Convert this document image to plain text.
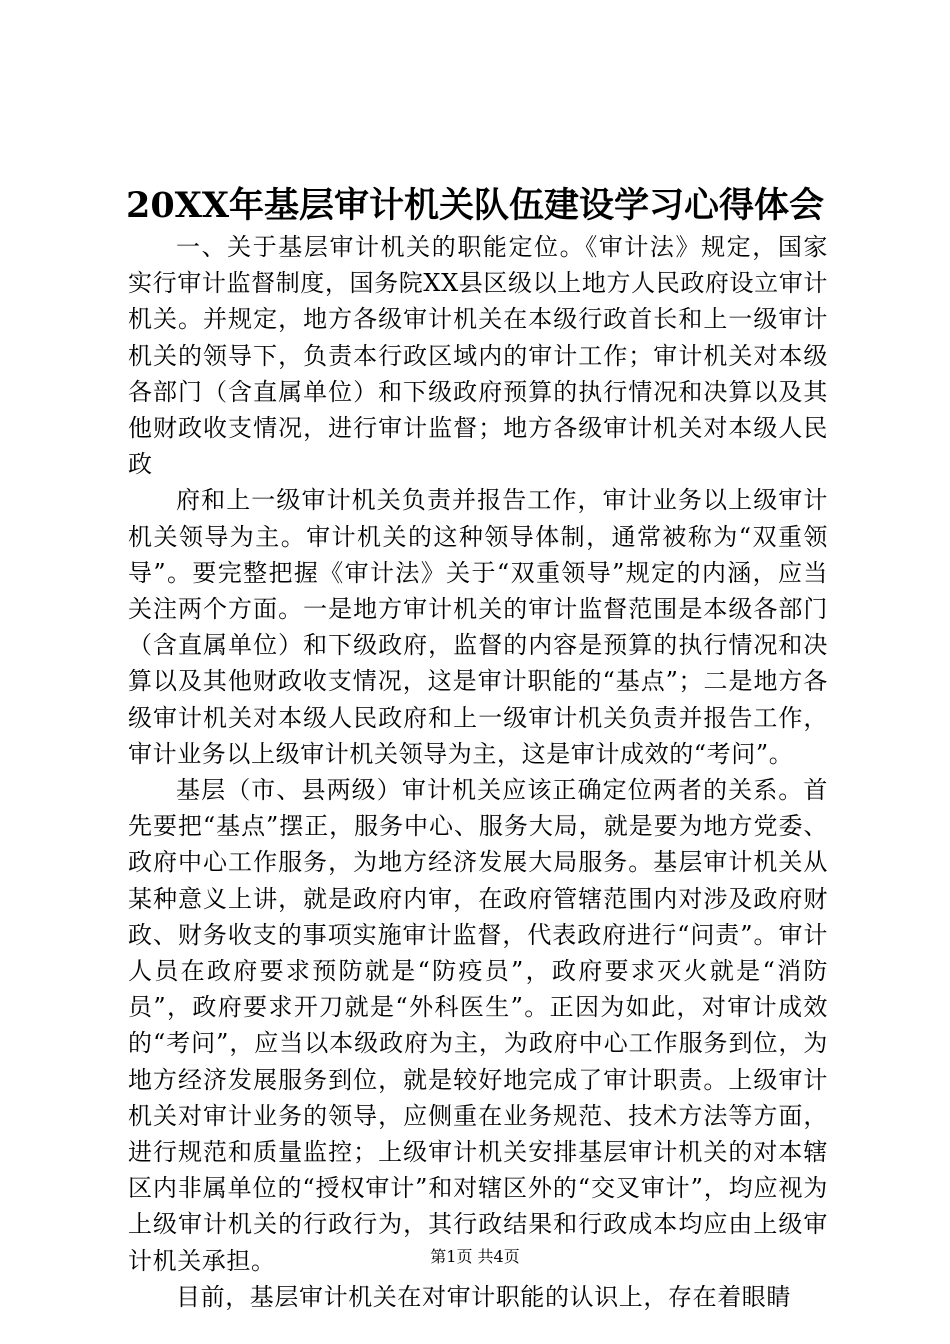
20XX年基层审计机关队伍建设学习心得体会

一、关于基层审计机关的职能定位。《审计法》规定，国家实行审计监督制度，国务院XX县区级以上地方人民政府设立审计机关。并规定，地方各级审计机关在本级行政首长和上一级审计机关的领导下，负责本行政区域内的审计工作；审计机关对本级各部门（含直属单位）和下级政府预算的执行情况和决算以及其他财政收支情况，进行审计监督；地方各级审计机关对本级人民政

府和上一级审计机关负责并报告工作，审计业务以上级审计机关领导为主。审计机关的这种领导体制，通常被称为“双重领导”。要完整把握《审计法》关于“双重领导”规定的内涵，应当关注两个方面。一是地方审计机关的审计监督范围是本级各部门（含直属单位）和下级政府，监督的内容是预算的执行情况和决算以及其他财政收支情况，这是审计职能的“基点”；二是地方各级审计机关对本级人民政府和上一级审计机关负责并报告工作，审计业务以上级审计机关领导为主，这是审计成效的“考问”。

基层（市、县两级）审计机关应该正确定位两者的关系。首先要把“基点”摆正，服务中心、服务大局，就是要为地方党委、政府中心工作服务，为地方经济发展大局服务。基层审计机关从某种意义上讲，就是政府内审，在政府管辖范围内对涉及政府财政、财务收支的事项实施审计监督，代表政府进行“问责”。审计人员在政府要求预防就是“防疫员”，政府要求灭火就是“消防员”，政府要求开刀就是“外科医生”。正因为如此，对审计成效的“考问”，应当以本级政府为主，为政府中心工作服务到位，为地方经济发展服务到位，就是较好地完成了审计职责。上级审计机关对审计业务的领导，应侧重在业务规范、技术方法等方面，进行规范和质量监控；上级审计机关安排基层审计机关的对本辖区内非属单位的“授权审计”和对辖区外的“交叉审计”，均应视为上级审计机关的行政行为，其行政结果和行政成本均应由上级审计机关承担。

目前，基层审计机关在对审计职能的认识上，存在着眼睛

第1页 共4页
